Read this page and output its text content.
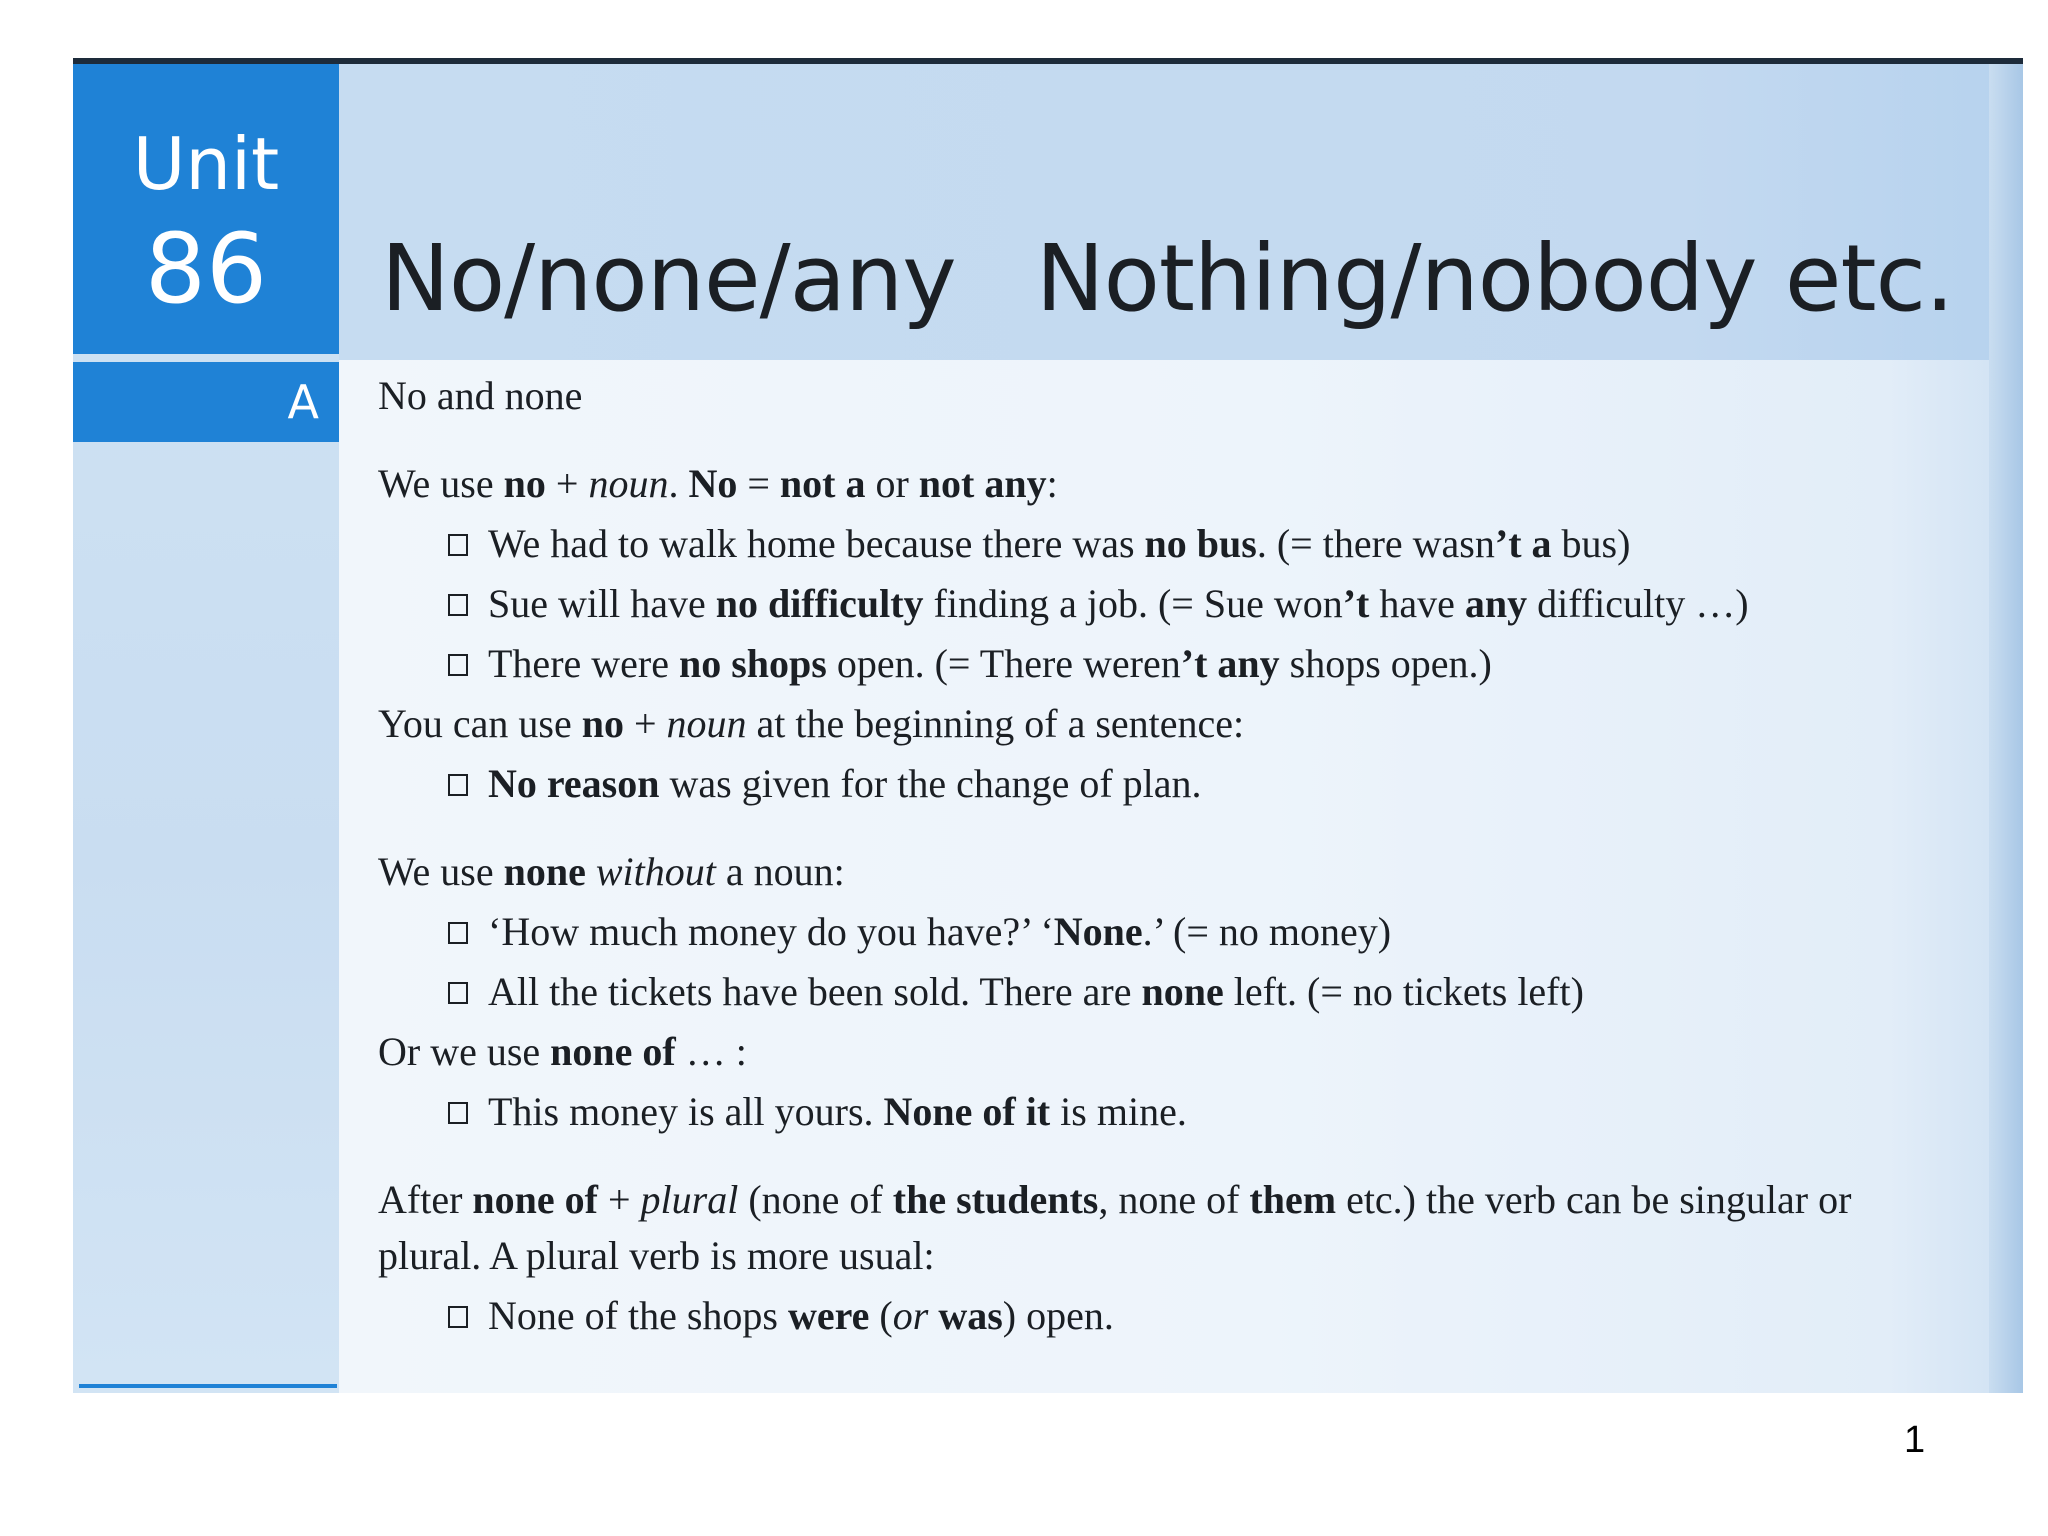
No/none/any Nothing/nobody etc.
Unit
86
A No and none
We use no + noun. No = not a or not any:
We had to walk home because there was no bus. (= there wasn’t a bus)
Sue will have no difficulty finding a job. (= Sue won’t have any difficulty …)
There were no shops open. (= There weren’t any shops open.)
You can use no + noun at the beginning of a sentence:
No reason was given for the change of plan.
We use none without a noun:
‘How much money do you have?’ ‘None.’ (= no money)
All the tickets have been sold. There are none left. (= no tickets left)
Or we use none of … :
This money is all yours. None of it is mine.
After none of + plural (none of the students, none of them etc.) the verb can be singular or
plural. A plural verb is more usual:
None of the shops were (or was) open.
1
